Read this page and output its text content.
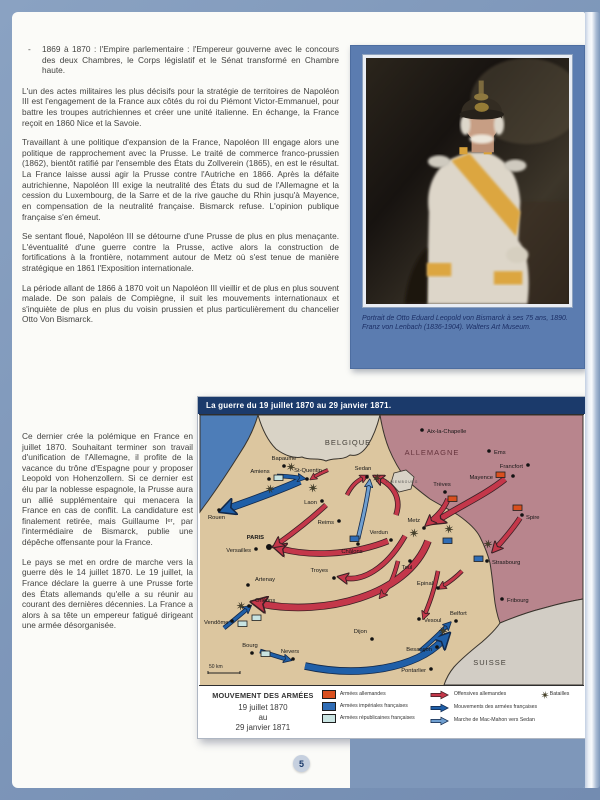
-	1869 à 1870 : l'Empire parlementaire : l'Empereur gouverne avec le concours des deux Chambres, le Corps législatif et le Sénat transformé en Chambre haute.

L'un des actes militaires les plus décisifs pour la stratégie de territoires de Napoléon III est l'engagement de la France aux côtés du roi du Piémont Victor-Emmanuel, pour battre les troupes autrichiennes et créer une unité italienne. En échange, la France reçoit en 1860 Nice et la Savoie.

Travaillant à une politique d'expansion de la France, Napoléon III engage alors une politique de rapprochement avec la Prusse. Le traité de commerce franco-prussien (1862), bientôt ratifié par l'ensemble des États du Zollverein (1865), en est le résultat. La France laisse aussi agir la Prusse contre l'Autriche en 1866. Après la défaite autrichienne, Napoléon III exige la neutralité des États du sud de l'Allemagne et la cession du Luxembourg, de la Sarre et de la rive gauche du Rhin jusqu'à Mayence, en compensation de la neutralité française. Bismarck refuse. L'opinion publique française s'en émeut.

Se sentant floué, Napoléon III se détourne d'une Prusse de plus en plus menaçante. L'éventualité d'une guerre contre la Prusse, active alors la construction de fortifications à la frontière, notamment autour de Metz où s'est tenue de manière stratégique en 1861 l'Exposition internationale.

La période allant de 1866 à 1870 voit un Napoléon III vieillir et de plus en plus souvent malade. De son palais de Compiègne, il suit les mouvements internationaux et s'inquiète de plus en plus du voisin prussien et plus particulièrement du chancelier Otto Von Bismarck.

Ce dernier crée la polémique en France en juillet 1870. Souhaitant terminer son travail d'unification de l'Allemagne, il profite de la vacance du trône d'Espagne pour y proposer Leopold von Hohenzollern. Si ce dernier est élu par la noblesse espagnole, la Prusse aura un allié supplémentaire qui menacera la France en cas de conflit. La candidature est finalement retirée, mais Guillaume Iᵉʳ, par l'intermédiaire de Bismarck, publie une dépêche offensante pour la France.

Le pays se met en ordre de marche vers la guerre dès le 14 juillet 1870. Le 19 juillet, la France déclare la guerre à une Prusse forte des États allemands qu'elle a su réunir au courant des dernières décennies. La France a alors à sa tête un empereur fatigué dirigeant une armée désorganisée.

Portrait de Otto Eduard Leopold von Bismarck à ses 75 ans, 1890. Franz von Lenbach (1836-1904). Walters Art Museum.
La guerre du 19 juillet 1870 au 29 janvier 1871.
Aix-la-Chapelle
Ems
Francfort
Mayence
Trèves
Spire
Bapaume
Amiens	St-Quentin	Sedan
Laon
Rouen
Reims
PARIS
Versailles	Châlons
Verdun
Metz
Toul
Strasbourg
Troyes
Epinal
Artenay
Orléans
Vendôme
Dijon
Bourg
Nevers
Vesoul
Belfort
Fribourg
Besançon
Pontarlier
BELGIQUE
ALLEMAGNE
SUISSE
LUXEMBOURG
50 km
MOUVEMENT DES ARMÉES
19 juillet 1870
au
29 janvier 1871
Armées allemandes
Armées impériales françaises
Armées républicaines françaises
Offensives allemandes
Mouvements des armées françaises
Marche de Mac-Mahon vers Sedan
Batailles
5
